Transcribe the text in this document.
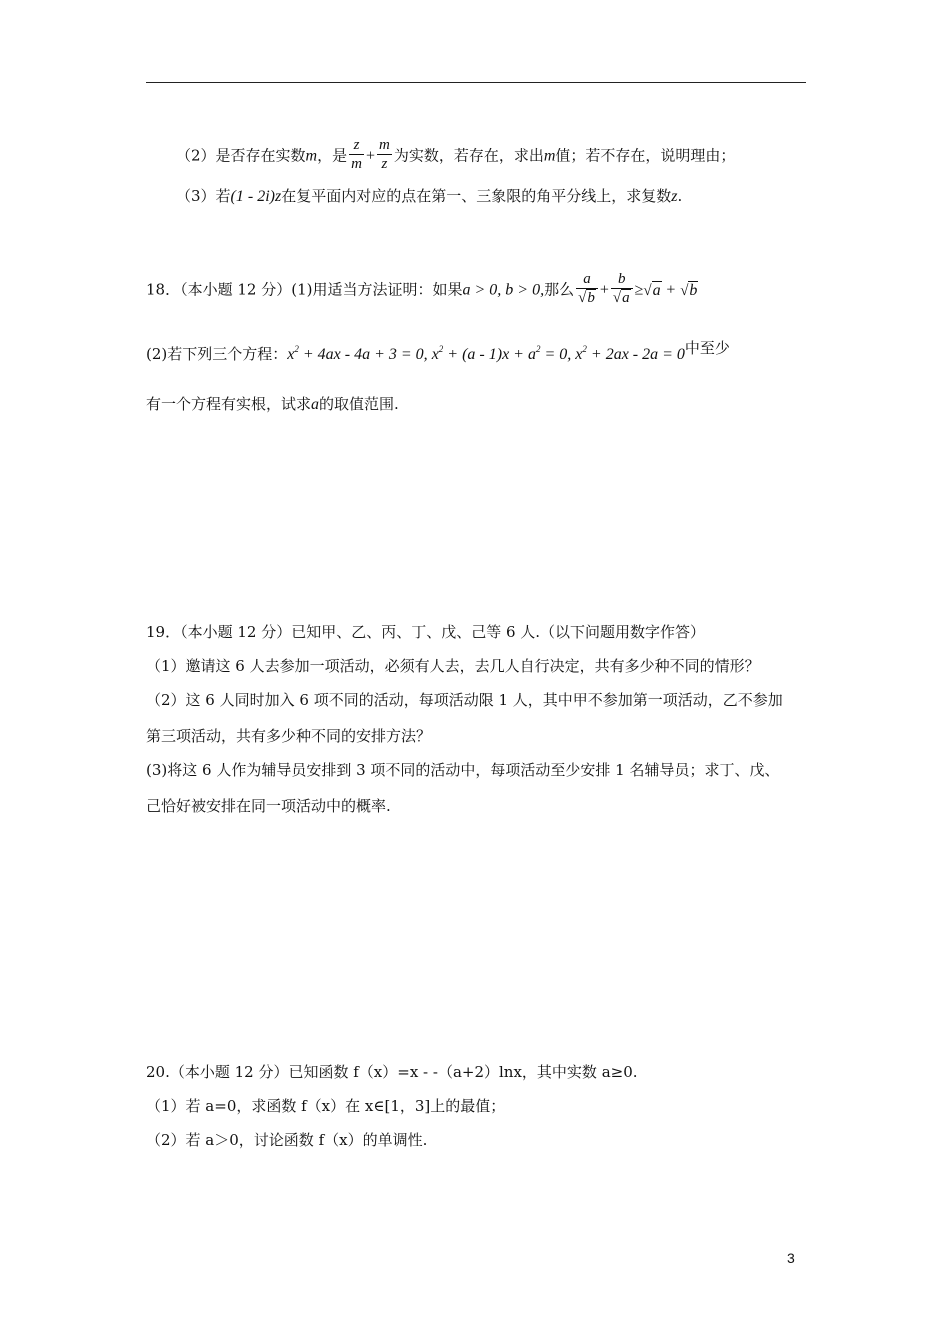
（2）是否存在实数m，是 $\frac{z}{m} + \frac{m}{z}$ 为实数，若存在，求出m值；若不存在，说明理由；
（3）若(1 - 2i)z在复平面内对应的点在第一、三象限的角平分线上，求复数z.
18．（本小题 12 分）(1)用适当方法证明：如果a > 0, b > 0,那么 $\frac{a}{√b} + \frac{b}{√a} \ge√a + √b$
(2)若下列三个方程：$x^2 + 4ax - 4a + 3 = 0$, $x^2 + (a - 1)x + a^2 = 0$, $x^2 + 2ax - 2a = 0$中至少
有一个方程有实根，试求a的取值范围.
19．（本小题 12 分）已知甲、乙、丙、丁、戊、己等 6 人.（以下问题用数字作答）
（1）邀请这 6 人去参加一项活动，必须有人去，去几人自行决定，共有多少种不同的情形？
（2）这 6 人同时加入 6 项不同的活动，每项活动限 1 人，其中甲不参加第一项活动，乙不参加
第三项活动，共有多少种不同的安排方法？
(3)将这 6 人作为辅导员安排到 3 项不同的活动中，每项活动至少安排 1 名辅导员；求丁、戊、
己恰好被安排在同一项活动中的概率.
20.（本小题 12 分）已知函数 f（x）=x - -（a+2）lnx，其中实数 a≥0.
（1）若 a=0，求函数 f（x）在 x∈[1，3]上的最值；
（2）若 a＞0，讨论函数 f（x）的单调性.
3
